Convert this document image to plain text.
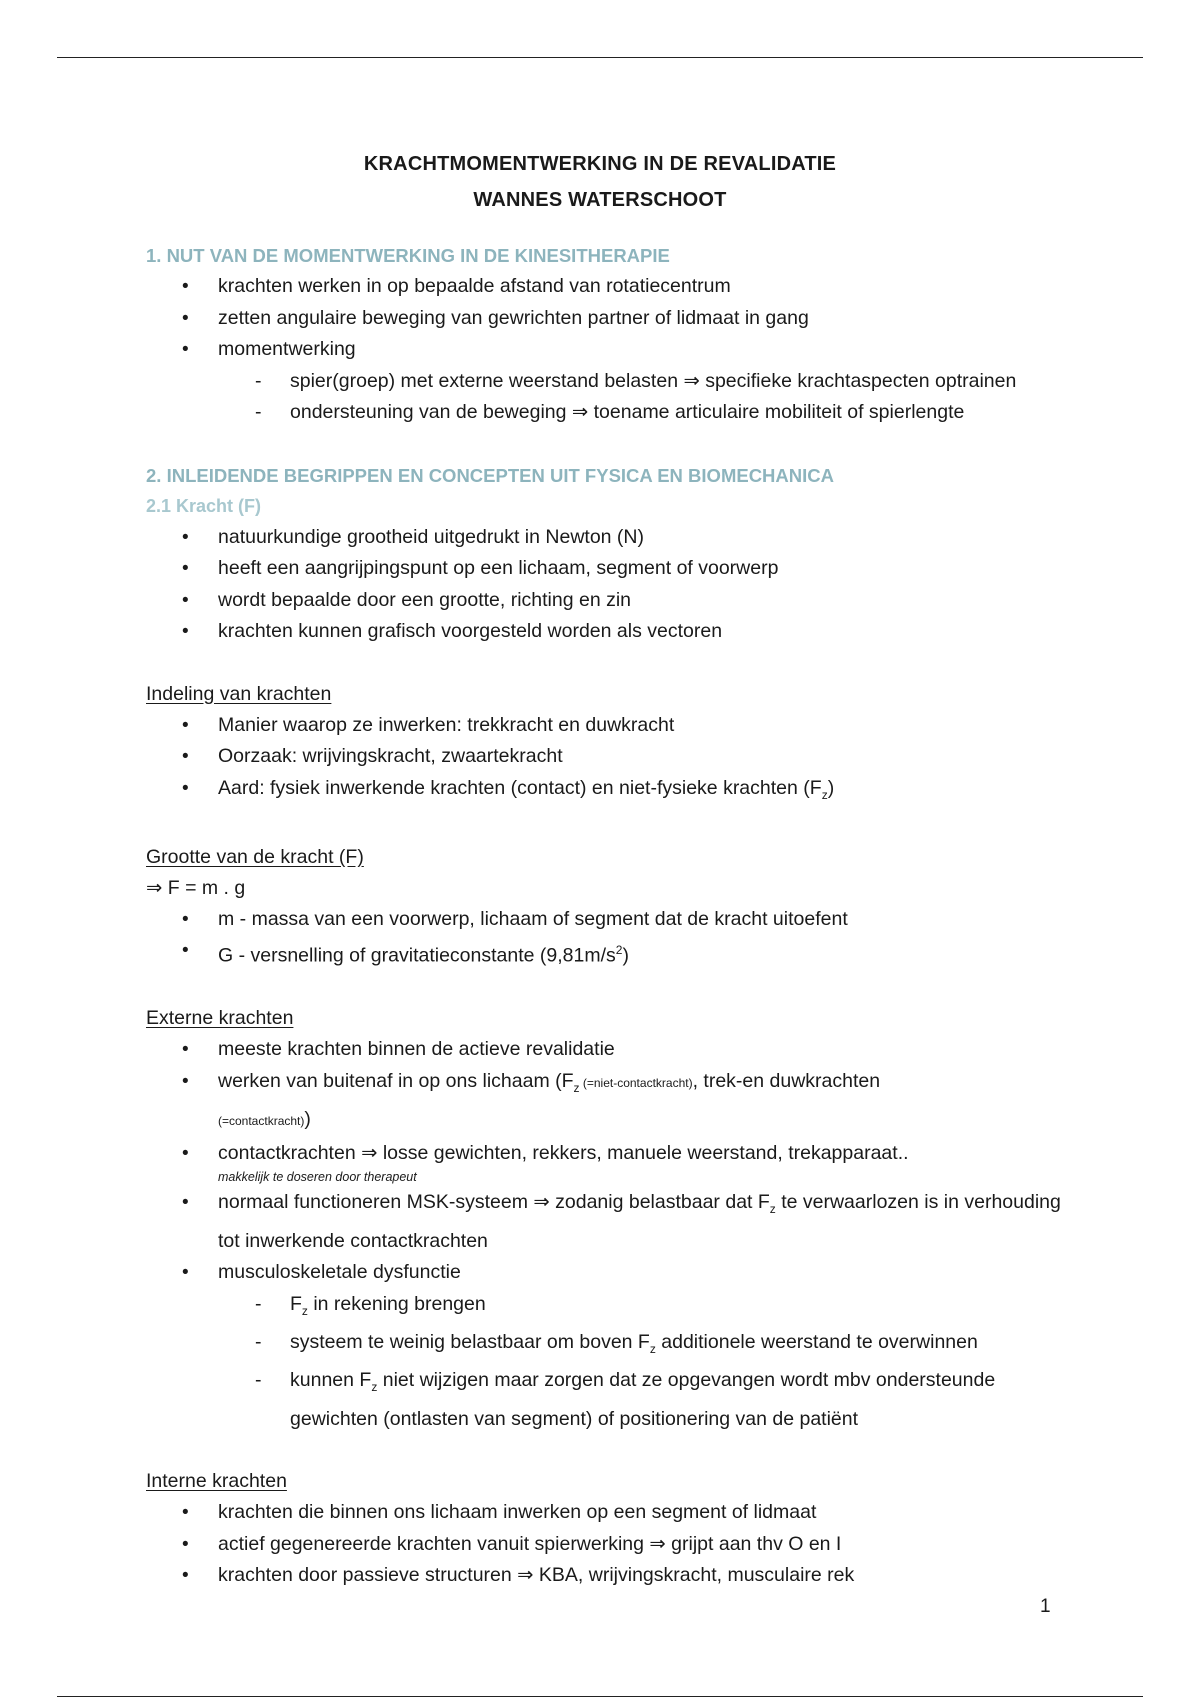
KRACHTMOMENTWERKING IN DE REVALIDATIE
WANNES WATERSCHOOT
1. NUT VAN DE MOMENTWERKING IN DE KINESITHERAPIE
• krachten werken in op bepaalde afstand van rotatiecentrum
• zetten angulaire beweging van gewrichten partner of lidmaat in gang
• momentwerking
- spier(groep) met externe weerstand belasten ⇒ specifieke krachtaspecten optrainen
- ondersteuning van de beweging ⇒ toename articulaire mobiliteit of spierlengte
2. INLEIDENDE BEGRIPPEN EN CONCEPTEN UIT FYSICA EN BIOMECHANICA
2.1 Kracht (F)
• natuurkundige grootheid uitgedrukt in Newton (N)
• heeft een aangrijpingspunt op een lichaam, segment of voorwerp
• wordt bepaalde door een grootte, richting en zin
• krachten kunnen grafisch voorgesteld worden als vectoren
Indeling van krachten
• Manier waarop ze inwerken: trekkracht en duwkracht
• Oorzaak: wrijvingskracht, zwaartekracht
• Aard: fysiek inwerkende krachten (contact) en niet-fysieke krachten $(F_z)$
Grootte van de kracht (F)
⇒ F = m . g
• m - massa van een voorwerp, lichaam of segment dat de kracht uitoefent
• G - versnelling of gravitatieconstante $(9,81m/s^2)$
Externe krachten
• meeste krachten binnen de actieve revalidatie
• werken van buitenaf in op ons lichaam ($F_z$ (=niet-contactkracht), trek-en duwkrachten
(=contactkracht))
• contactkrachten ⇒ losse gewichten, rekkers, manuele weerstand, trekapparaat..
makkelijk te doseren door therapeut
• normaal functioneren MSK-systeem ⇒ zodanig belastbaar dat $F_z$ te verwaarlozen is in verhouding tot inwerkende contactkrachten
• musculoskeletale dysfunctie
- $F_z$ in rekening brengen
- systeem te weinig belastbaar om boven $F_z$ additionele weerstand te overwinnen
- kunnen $F_z$ niet wijzigen maar zorgen dat ze opgevangen wordt mbv ondersteunde gewichten (ontlasten van segment) of positionering van de patiënt
Interne krachten
• krachten die binnen ons lichaam inwerken op een segment of lidmaat
• actief gegenereerde krachten vanuit spierwerking ⇒ grijpt aan thv O en I
• krachten door passieve structuren ⇒ KBA, wrijvingskracht, musculaire rek
1
